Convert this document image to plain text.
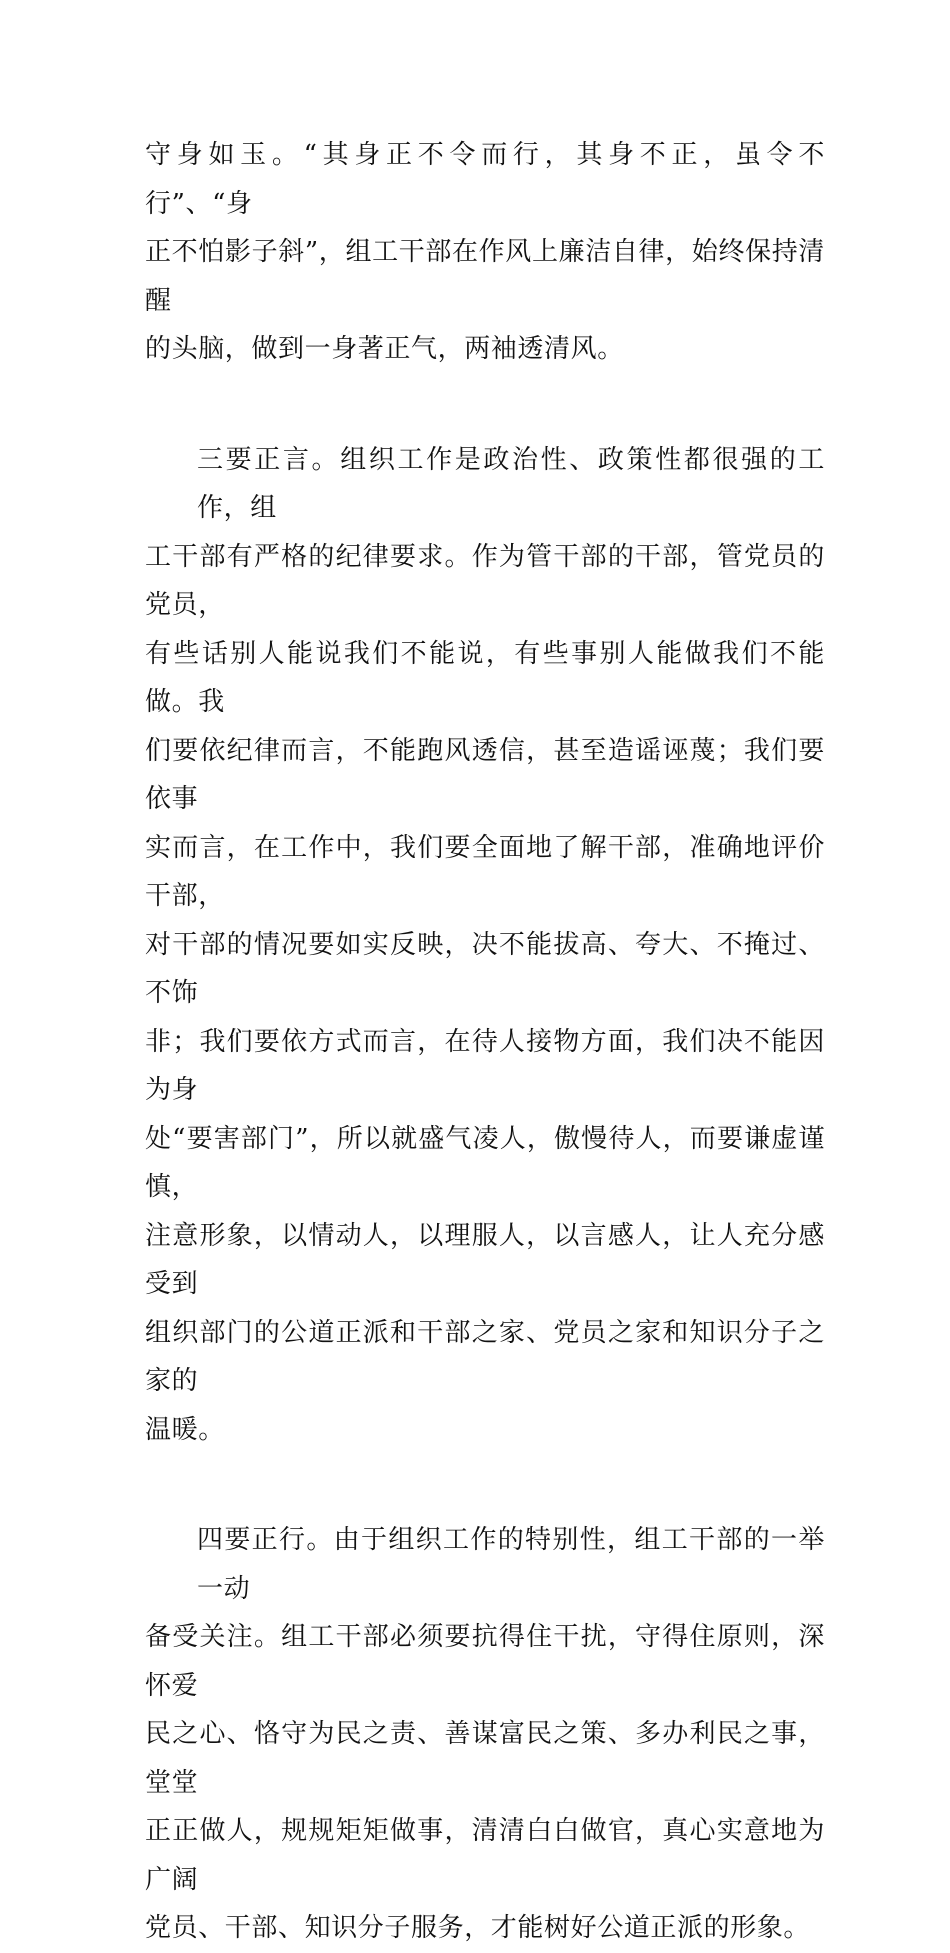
守身如玉。“其身正不令而行，其身不正，虽令不行”、“身
正不怕影子斜”，组工干部在作风上廉洁自律，始终保持清醒
的头脑，做到一身著正气，两袖透清风。
三要正言。组织工作是政治性、政策性都很强的工作，组
工干部有严格的纪律要求。作为管干部的干部，管党员的党员，
有些话别人能说我们不能说，有些事别人能做我们不能做。我
们要依纪律而言，不能跑风透信，甚至造谣诬蔑；我们要依事
实而言，在工作中，我们要全面地了解干部，准确地评价干部，
对干部的情况要如实反映，决不能拔高、夸大、不掩过、不饰
非；我们要依方式而言，在待人接物方面，我们决不能因为身
处“要害部门”，所以就盛气凌人，傲慢待人，而要谦虚谨慎，
注意形象，以情动人，以理服人，以言感人，让人充分感受到
组织部门的公道正派和干部之家、党员之家和知识分子之家的
温暖。
四要正行。由于组织工作的特别性，组工干部的一举一动
备受关注。组工干部必须要抗得住干扰，守得住原则，深怀爱
民之心、恪守为民之责、善谋富民之策、多办利民之事，堂堂
正正做人，规规矩矩做事，清清白白做官，真心实意地为广阔
党员、干部、知识分子服务，才能树好公道正派的形象。
